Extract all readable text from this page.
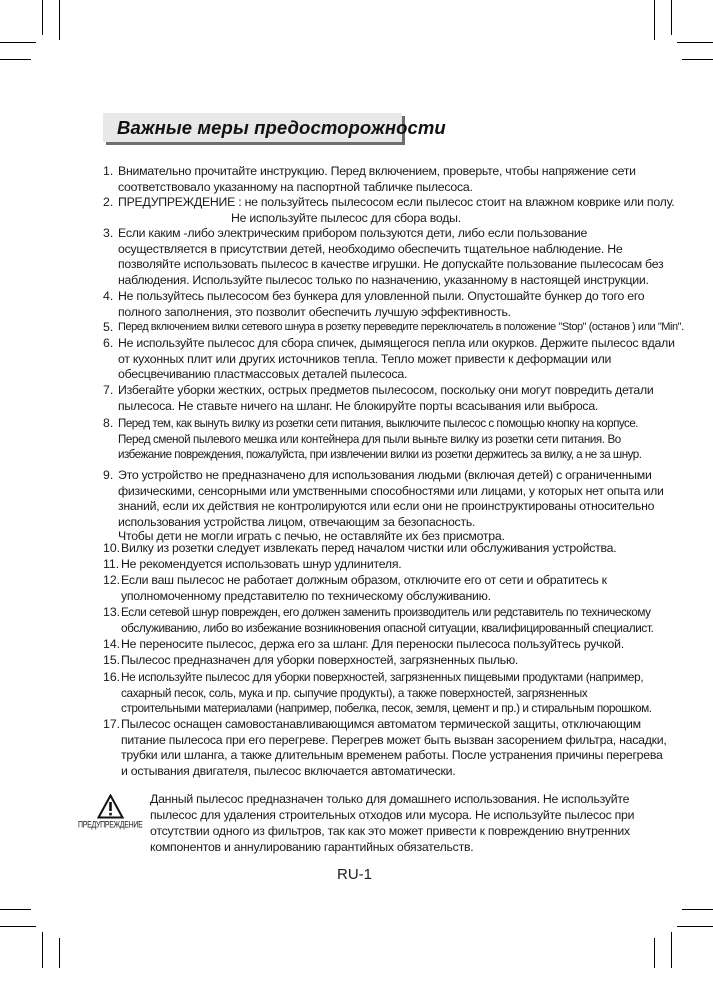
Важные меры предосторожности
1. Внимательно прочитайте инструкцию. Перед включением, проверьте, чтобы напряжение сети
соответствовало указанному на паспортной табличке пылесоса.
2. ПРЕДУПРЕЖДЕНИЕ : не пользуйтесь пылесосом если пылесос стоит на влажном коврике или полу.
Не используйте пылесос для сбора воды.
3. Если каким -либо электрическим прибором пользуются дети, либо если пользование
осуществляется в присутствии детей, необходимо обеспечить тщательное наблюдение. Не
позволяйте использовать пылесос в качестве игрушки. Не допускайте пользование пылесосам без
наблюдения. Используйте пылесос только по назначению, указанному в настоящей инструкции.
4. Не пользуйтесь пылесосом без бункера для уловленной пыли. Опустошайте бункер до того его
полного заполнения, это позволит обеспечить лучшую эффективность.
5. Перед включением вилки сетевого шнура в розетку переведите переключатель в положение "Stop" (останов ) или "Min".
6. Не используйте пылесос для сбора спичек, дымящегося пепла или окурков. Держите пылесос вдали
от кухонных плит или других источников тепла. Тепло может привести к деформации или
обесцвечиванию пластмассовых деталей пылесоса.
7. Избегайте уборки жестких, острых предметов пылесосом, поскольку они могут повредить детали
пылесоса. Не ставьте ничего на шланг. Не блокируйте порты всасывания или выброса.
8. Перед тем, как вынуть вилку из розетки сети питания, выключите пылесос с помощью кнопку на корпусе.
Перед сменой пылевого мешка или контейнера для пыли выньте вилку из розетки сети питания. Во
избежание повреждения, пожалуйста, при извлечении вилки из розетки держитесь за вилку, а не за шнур.
9. Это устройство не предназначено для использования людьми (включая детей) с ограниченными
физическими, сенсорными или умственными способностями или лицами, у которых нет опыта или
знаний, если их действия не контролируются или если они не проинструктированы относительно
использования устройства лицом, отвечающим за безопасность.
Чтобы дети не могли играть с печью, не оставляйте их без присмотра.
10. Вилку из розетки следует извлекать перед началом чистки или обслуживания устройства.
11. Не рекомендуется использовать шнур удлинителя.
12. Если ваш пылесос не работает должным образом, отключите его от сети и обратитесь к
уполномоченному представителю по техническому обслуживанию.
13. Если сетевой шнур поврежден, его должен заменить производитель или редставитель по техническому
обслуживанию, либо во избежание возникновения опасной ситуации, квалифицированный специалист.
14. Не переносите пылесос, держа его за шланг. Для переноски пылесоса пользуйтесь ручкой.
15. Пылесос предназначен для уборки поверхностей, загрязненных пылью.
16. Не используйте пылесос для уборки поверхностей, загрязненных пищевыми продуктами (например,
сахарный песок, соль, мука и пр. сыпучие продукты), а также поверхностей, загрязненных
строительными материалами (например, побелка, песок, земля, цемент и пр.) и стиральным порошком.
17. Пылесос оснащен самовостанавливающимся автоматом термической защиты, отключающим
питание пылесоса при его перегреве. Перегрев может быть вызван засорением фильтра, насадки,
трубки или шланга, а также длительным временем работы. После устранения причины перегрева
и остывания двигателя, пылесос включается автоматически.
ПРЕДУПРЕЖДЕНИЕ
Данный пылесос предназначен только для домашнего использования. Не используйте
пылесос для удаления строительных отходов или мусора. Не используйте пылесос при
отсутствии одного из фильтров, так как это может привести к повреждению внутренних
компонентов и аннулированию гарантийных обязательств.
RU-1
